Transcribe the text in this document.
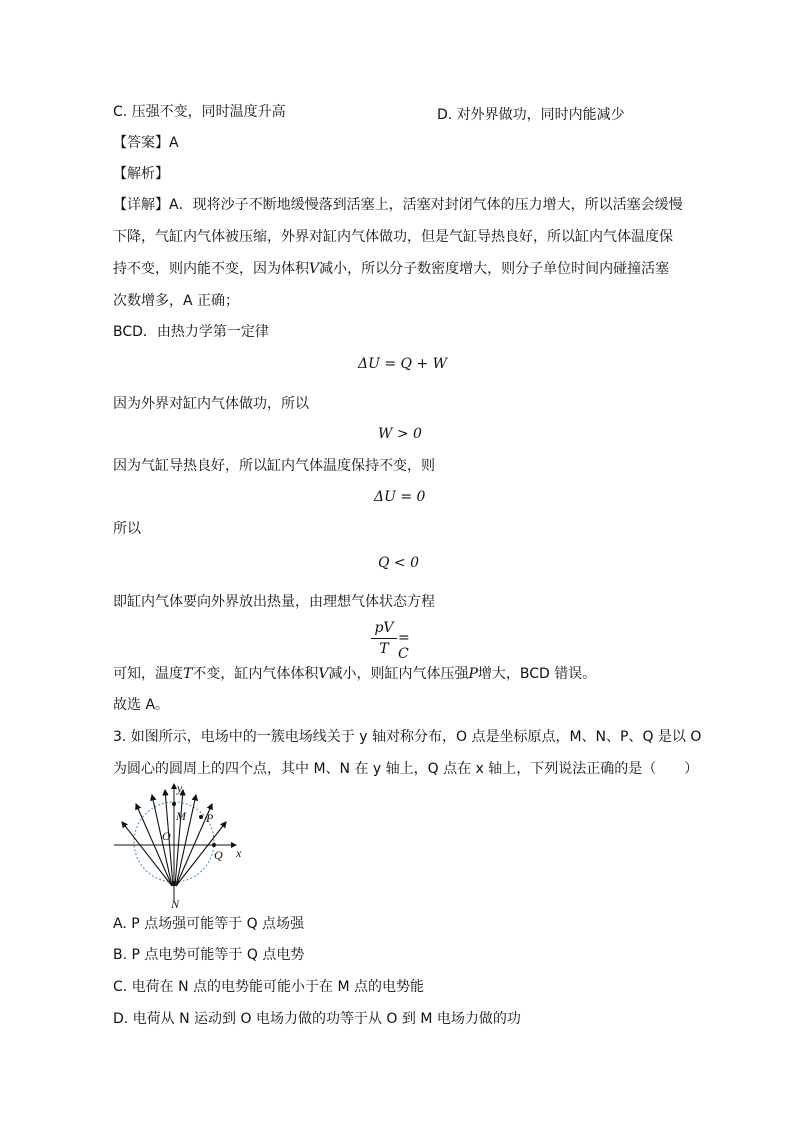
C. 压强不变，同时温度升高	D. 对外界做功，同时内能减少
【答案】A
【解析】
【详解】A．现将沙子不断地缓慢落到活塞上，活塞对封闭气体的压力增大，所以活塞会缓慢
下降，气缸内气体被压缩，外界对缸内气体做功，但是气缸导热良好，所以缸内气体温度保
持不变，则内能不变，因为体积V减小，所以分子数密度增大，则分子单位时间内碰撞活塞
次数增多，A 正确；
BCD．由热力学第一定律
ΔU = Q + W
因为外界对缸内气体做功，所以
W > 0
因为气缸导热良好，所以缸内气体温度保持不变，则
ΔU = 0
所以
Q < 0
即缸内气体要向外界放出热量，由理想气体状态方程
pV
T
= C
可知，温度T不变，缸内气体体积V减小，则缸内气体压强P增大，BCD 错误。
故选 A。
3. 如图所示，电场中的一簇电场线关于 y 轴对称分布，O 点是坐标原点，M、N、P、Q 是以 O
为圆心的圆周上的四个点，其中 M、N 在 y 轴上，Q 点在 x 轴上，下列说法正确的是（　　）
y
x
O
M
N
P
Q
A. P 点场强可能等于 Q 点场强
B. P 点电势可能等于 Q 点电势
C. 电荷在 N 点的电势能可能小于在 M 点的电势能
D. 电荷从 N 运动到 O 电场力做的功等于从 O 到 M 电场力做的功
